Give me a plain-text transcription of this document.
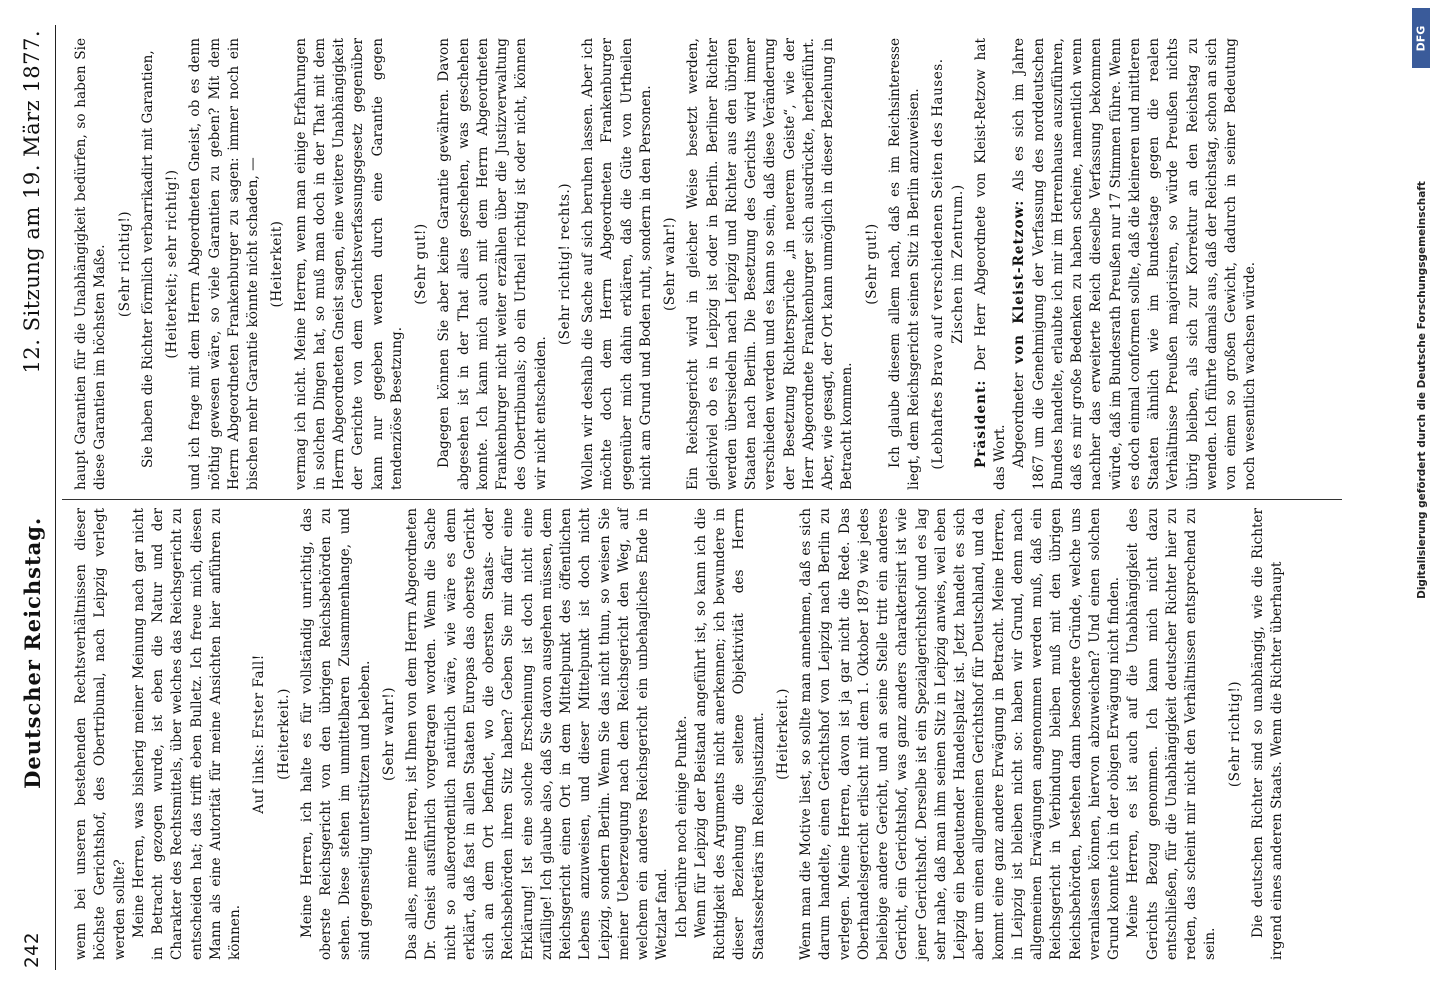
242
Deutscher Reichstag.
12. Sitzung am 19. März 1877.

wenn bei unseren bestehenden Rechtsverhältnissen dieser höchste Gerichtshof, des Obertribunal, nach Leipzig verlegt werden sollte? Meine Herren, was bisherig meiner Meinung nach gar nicht in Betracht gezogen wurde, ist eben die Natur und der Charakter des Rechtsmittels, über welches das Reichsgericht zu entscheiden hat; das trifft eben Bulletz. Ich freue mich, diesen Mann als eine Autorität für meine Ansichten hier anführen zu können.

Auf links: Erster Fall! (Heiterkeit.) Meine Herren, ich halte es für vollständig unrichtig, das oberste Reichsgericht von den übrigen Reichsbehörden zu sehen. Diese stehen im unmittelbaren Zusammenhange, und sind gegenseitig unterstützen und beleben. (Sehr wahr!) Das alles, meine Herren, ist Ihnen von dem Herrn Abgeordneten Dr. Gneist ausführlich vorgetragen worden. Wenn die Sache nicht so außerordentlich natürlich wäre, wie wäre es denn erklärt, daß fast in allen Staaten Europas das oberste Gericht sich an dem Ort befindet, wo die obersten Staats- oder Reichsbehörden ihren Sitz haben? Geben Sie mir dafür eine Erklärung! Ist eine solche Erscheinung ist doch nicht eine zufällige! Ich glaube also, daß Sie davon ausgehen müssen, dem Reichsgericht einen Ort in dem Mittelpunkt des öffentlichen Lebens anzuweisen, und dieser Mittelpunkt ist doch nicht Leipzig, sondern Berlin. Wenn Sie das nicht thun, so weisen Sie meiner Ueberzeugung nach dem Reichsgericht den Weg, auf welchem ein anderes Reichsgericht ein unbehagliches Ende in Wetzlar fand. Ich berühre noch einige Punkte. Wenn für Leipzig der Beistand angeführt ist, so kann ich die Richtigkeit des Arguments nicht anerkennen; ich bewundere in dieser Beziehung die seltene Objektivität des Herrn Staatssekretärs im Reichsjustizamt. (Heiterkeit.) Wenn man die Motive liest, so sollte man annehmen, daß es sich darum handelte, einen Gerichtshof von Leipzig nach Berlin zu verlegen. Meine Herren, davon ist ja gar nicht die Rede. Das Oberhandelsgericht erlischt mit dem 1. Oktober 1879 wie jedes beliebige andere Gericht, und an seine Stelle tritt ein anderes Gericht, ein Gerichtshof, was ganz anders charakterisirt ist wie jener Gerichtshof. Derselbe ist ein Spezialgerichtshof und es lag sehr nahe, daß man ihm seinen Sitz in Leipzig anwies, weil eben Leipzig ein bedeutender Handelsplatz ist. Jetzt handelt es sich aber um einen allgemeinen Gerichtshof für Deutschland, und da kommt eine ganz andere Erwägung in Betracht. Meine Herren, in Leipzig ist bleiben nicht so: haben wir Grund, denn nach allgemeinen Erwägungen angenommen werden muß, daß ein Reichsgericht in Verbindung bleiben muß mit den übrigen Reichsbehörden, bestehen dann besondere Gründe, welche uns veranlassen können, hiervon abzuweichen? Und einen solchen Grund konnte ich in der obigen Erwägung nicht finden. Meine Herren, es ist auch auf die Unabhängigkeit des Gerichts Bezug genommen. Ich kann mich nicht dazu entschließen, für die Unabhängigkeit deutscher Richter hier zu reden, das scheint mir nicht den Verhältnissen entsprechend zu sein.

(Sehr richtig!) Die deutschen Richter sind so unabhängig, wie die Richter irgend eines anderen Staats. Wenn die Richter überhaupt

haupt Garantien für die Unabhängigkeit bedürfen, so haben Sie diese Garantien im höchsten Maße. (Sehr richtig!) Sie haben die Richter förmlich verbarrikadirt mit Garantien, (Heiterkeit; sehr richtig!) und ich frage mit dem Herrn Abgeordneten Gneist, ob es denn nöthig gewesen wäre, so viele Garantien zu geben? Mit dem Herrn Abgeordneten Frankenburger zu sagen: immer noch ein bischen mehr Garantie könnte nicht schaden, — (Heiterkeit) vermag ich nicht. Meine Herren, wenn man einige Erfahrungen in solchen Dingen hat, so muß man doch in der That mit dem Herrn Abgeordneten Gneist sagen, eine weitere Unabhängigkeit der Gerichte von dem Gerichtsverfassungsgesetz gegenüber kann nur gegeben werden durch eine Garantie gegen tendenziöse Besetzung.

(Sehr gut!) Dagegen können Sie aber keine Garantie gewähren. Davon abgesehen ist in der That alles geschehen, was geschehen konnte. Ich kann mich auch mit dem Herrn Abgeordneten Frankenburger nicht weiter erzählen über die Justizverwaltung des Obertribunals; ob ein Urtheil richtig ist oder nicht, können wir nicht entscheiden.

(Sehr richtig! rechts.) Wollen wir deshalb die Sache auf sich beruhen lassen. Aber ich möchte doch dem Herrn Abgeordneten Frankenburger gegenüber mich dahin erklären, daß die Güte von Urtheilen nicht am Grund und Boden ruht, sondern in den Personen. (Sehr wahr!) Ein Reichsgericht wird in gleicher Weise besetzt werden, gleichviel ob es in Leipzig ist oder in Berlin. Berliner Richter werden übersiedeln nach Leipzig und Richter aus den übrigen Staaten nach Berlin. Die Besetzung des Gerichts wird immer verschieden werden und es kann so sein, daß diese Veränderung der Besetzung Richtersprüche „in neuerem Geiste“, wie der Herr Abgeordnete Frankenburger sich ausdrückte, herbeiführt. Aber, wie gesagt, der Ort kann unmöglich in dieser Beziehung in Betracht kommen.

(Sehr gut!) Ich glaube diesem allem nach, daß es im Reichsinteresse liegt, dem Reichsgericht seinen Sitz in Berlin anzuweisen. (Lebhaftes Bravo auf verschiedenen Seiten des Hauses. Zischen im Zentrum.)

Präsident: Der Herr Abgeordnete von Kleist-Retzow hat das Wort. Abgeordneter von Kleist-Retzow: Als es sich im Jahre 1867 um die Genehmigung der Verfassung des norddeutschen Bundes handelte, erlaubte ich mir im Herrenhause auszuführen, daß es mir große Bedenken zu haben scheine, namentlich wenn nachher das erweiterte Reich dieselbe Verfassung bekommen würde, daß im Bundesrath Preußen nur 17 Stimmen führe. Wenn es doch einmal conformen sollte, daß die kleineren und mittleren Staaten ähnlich wie im Bundestage gegen die realen Verhältnisse Preußen majorisiren, so würde Preußen nichts übrig bleiben, als sich zur Korrektur an den Reichstag zu wenden. Ich führte damals aus, daß der Reichstag, schon an sich von einem so großen Gewicht, dadurch in seiner Bedeutung noch wesentlich wachsen würde.

DFG
Digitalisierung gefördert durch die Deutsche Forschungsgemeinschaft
